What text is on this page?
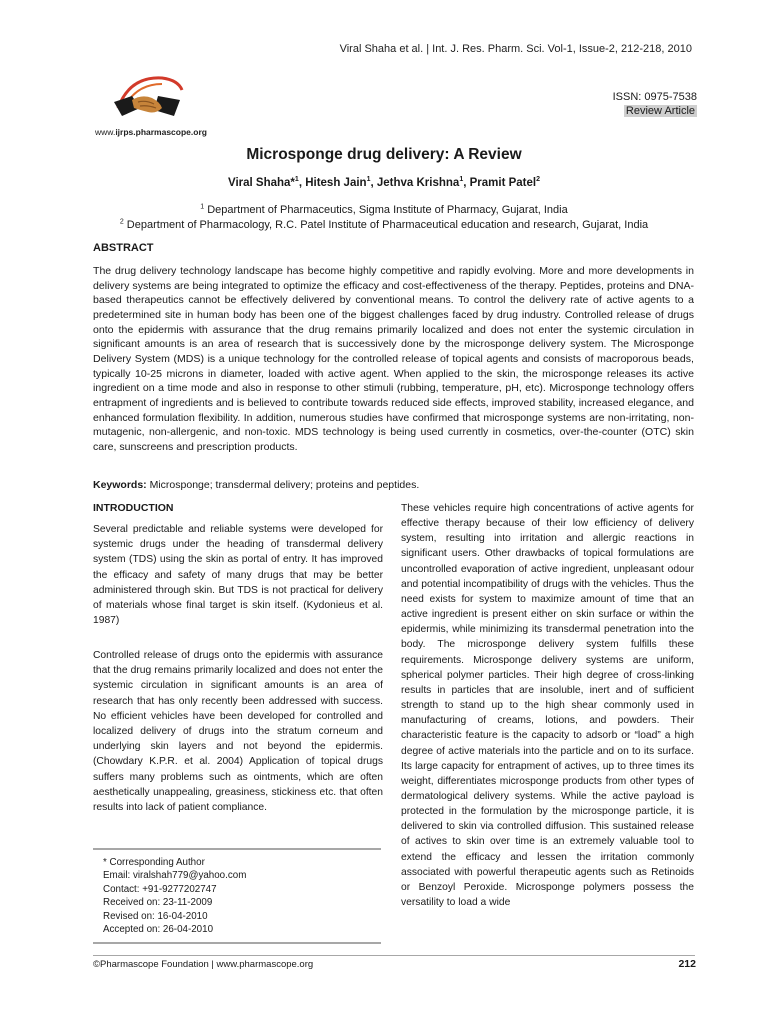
Viral Shaha et al. | Int. J. Res. Pharm. Sci. Vol-1, Issue-2, 212-218, 2010
www.ijrps.pharmascope.org
ISSN: 0975-7538
Review Article
Microsponge drug delivery: A Review
Viral Shaha*$^1$, Hitesh Jain$^1$, Jethva Krishna$^1$, Pramit Patel$^2$
$^1$ Department of Pharmaceutics, Sigma Institute of Pharmacy, Gujarat, India
$^2$ Department of Pharmacology, R.C. Patel Institute of Pharmaceutical education and research, Gujarat, India
ABSTRACT
The drug delivery technology landscape has become highly competitive and rapidly evolving. More and more developments in delivery systems are being integrated to optimize the efficacy and cost-effectiveness of the therapy. Peptides, proteins and DNA-based therapeutics cannot be effectively delivered by conventional means. To control the delivery rate of active agents to a predetermined site in human body has been one of the biggest challenges faced by drug industry. Controlled release of drugs onto the epidermis with assurance that the drug remains primarily localized and does not enter the systemic circulation in significant amounts is an area of research that is successively done by the microsponge delivery system. The Microsponge Delivery System (MDS) is a unique technology for the controlled release of topical agents and consists of macroporous beads, typically 10-25 microns in diameter, loaded with active agent. When applied to the skin, the microsponge releases its active ingredient on a time mode and also in response to other stimuli (rubbing, temperature, pH, etc). Microsponge technology offers entrapment of ingredients and is believed to contribute towards reduced side effects, improved stability, increased elegance, and enhanced formulation flexibility. In addition, numerous studies have confirmed that microsponge systems are non-irritating, non-mutagenic, non-allergenic, and non-toxic. MDS technology is being used currently in cosmetics, over-the-counter (OTC) skin care, sunscreens and prescription products.
Keywords: Microsponge; transdermal delivery; proteins and peptides.
INTRODUCTION
Several predictable and reliable systems were developed for systemic drugs under the heading of transdermal delivery system (TDS) using the skin as portal of entry. It has improved the efficacy and safety of many drugs that may be better administered through skin. But TDS is not practical for delivery of materials whose final target is skin itself. (Kydonieus et al. 1987)
Controlled release of drugs onto the epidermis with assurance that the drug remains primarily localized and does not enter the systemic circulation in significant amounts is an area of research that has only recently been addressed with success. No efficient vehicles have been developed for controlled and localized delivery of drugs into the stratum corneum and underlying skin layers and not beyond the epidermis. (Chowdary K.P.R. et al. 2004) Application of topical drugs suffers many problems such as ointments, which are often aesthetically unappealing, greasiness, stickiness etc. that often results into lack of patient compliance.
These vehicles require high concentrations of active agents for effective therapy because of their low efficiency of delivery system, resulting into irritation and allergic reactions in significant users. Other drawbacks of topical formulations are uncontrolled evaporation of active ingredient, unpleasant odour and potential incompatibility of drugs with the vehicles. Thus the need exists for system to maximize amount of time that an active ingredient is present either on skin surface or within the epidermis, while minimizing its transdermal penetration into the body. The microsponge delivery system fulfills these requirements. Microsponge delivery systems are uniform, spherical polymer particles. Their high degree of cross-linking results in particles that are insoluble, inert and of sufficient strength to stand up to the high shear commonly used in manufacturing of creams, lotions, and powders. Their characteristic feature is the capacity to adsorb or “load” a high degree of active materials into the particle and on to its surface. Its large capacity for entrapment of actives, up to three times its weight, differentiates microsponge products from other types of dermatological delivery systems. While the active payload is protected in the formulation by the microsponge particle, it is delivered to skin via controlled diffusion. This sustained release of actives to skin over time is an extremely valuable tool to extend the efficacy and lessen the irritation commonly associated with powerful therapeutic agents such as Retinoids or Benzoyl Peroxide. Microsponge polymers possess the versatility to load a wide
* Corresponding Author
Email: viralshah779@yahoo.com
Contact: +91-9277202747
Received on: 23-11-2009
Revised on: 16-04-2010
Accepted on: 26-04-2010
©Pharmascope Foundation | www.pharmascope.org	212
